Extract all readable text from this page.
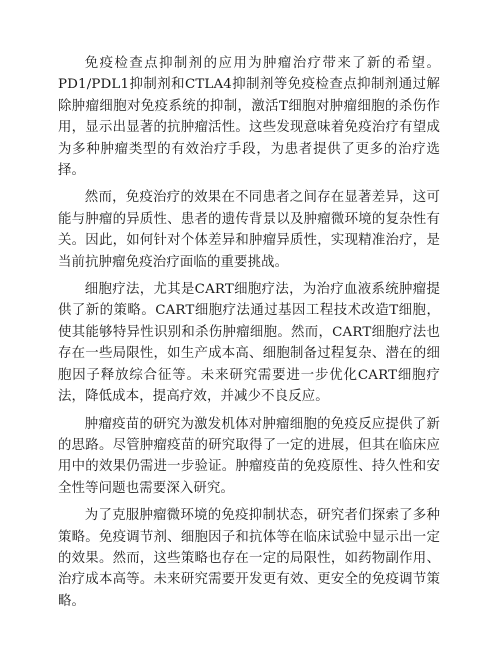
免疫检查点抑制剂的应用为肿瘤治疗带来了新的希望。PD1/PDL1抑制剂和CTLA4抑制剂等免疫检查点抑制剂通过解除肿瘤细胞对免疫系统的抑制，激活T细胞对肿瘤细胞的杀伤作用，显示出显著的抗肿瘤活性。这些发现意味着免疫治疗有望成为多种肿瘤类型的有效治疗手段，为患者提供了更多的治疗选择。

然而，免疫治疗的效果在不同患者之间存在显著差异，这可能与肿瘤的异质性、患者的遗传背景以及肿瘤微环境的复杂性有关。因此，如何针对个体差异和肿瘤异质性，实现精准治疗，是当前抗肿瘤免疫治疗面临的重要挑战。

细胞疗法，尤其是CART细胞疗法，为治疗血液系统肿瘤提供了新的策略。CART细胞疗法通过基因工程技术改造T细胞，使其能够特异性识别和杀伤肿瘤细胞。然而，CART细胞疗法也存在一些局限性，如生产成本高、细胞制备过程复杂、潜在的细胞因子释放综合征等。未来研究需要进一步优化CART细胞疗法，降低成本，提高疗效，并减少不良反应。

肿瘤疫苗的研究为激发机体对肿瘤细胞的免疫反应提供了新的思路。尽管肿瘤疫苗的研究取得了一定的进展，但其在临床应用中的效果仍需进一步验证。肿瘤疫苗的免疫原性、持久性和安全性等问题也需要深入研究。

为了克服肿瘤微环境的免疫抑制状态，研究者们探索了多种策略。免疫调节剂、细胞因子和抗体等在临床试验中显示出一定的效果。然而，这些策略也存在一定的局限性，如药物副作用、治疗成本高等。未来研究需要开发更有效、更安全的免疫调节策略。
